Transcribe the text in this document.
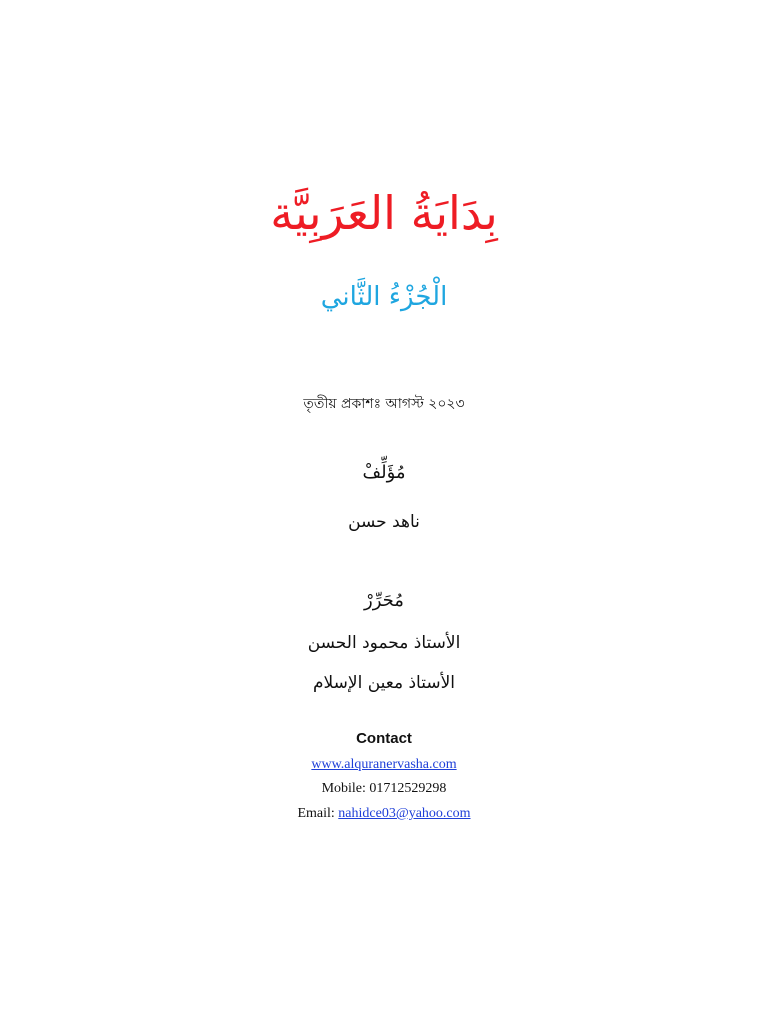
بِدَايَةُ العَرَبِيَّة
الْجُزْءُ الثَّاني
তৃতীয় প্রকাশঃ আগস্ট ২০২৩
مُؤَلِّفْ
ناهد حسن
مُحَرِّرْ
الأستاذ محمود الحسن
الأستاذ معين الإسلام
Contact
www.alquranervasha.com
Mobile: 01712529298
Email: nahidce03@yahoo.com
